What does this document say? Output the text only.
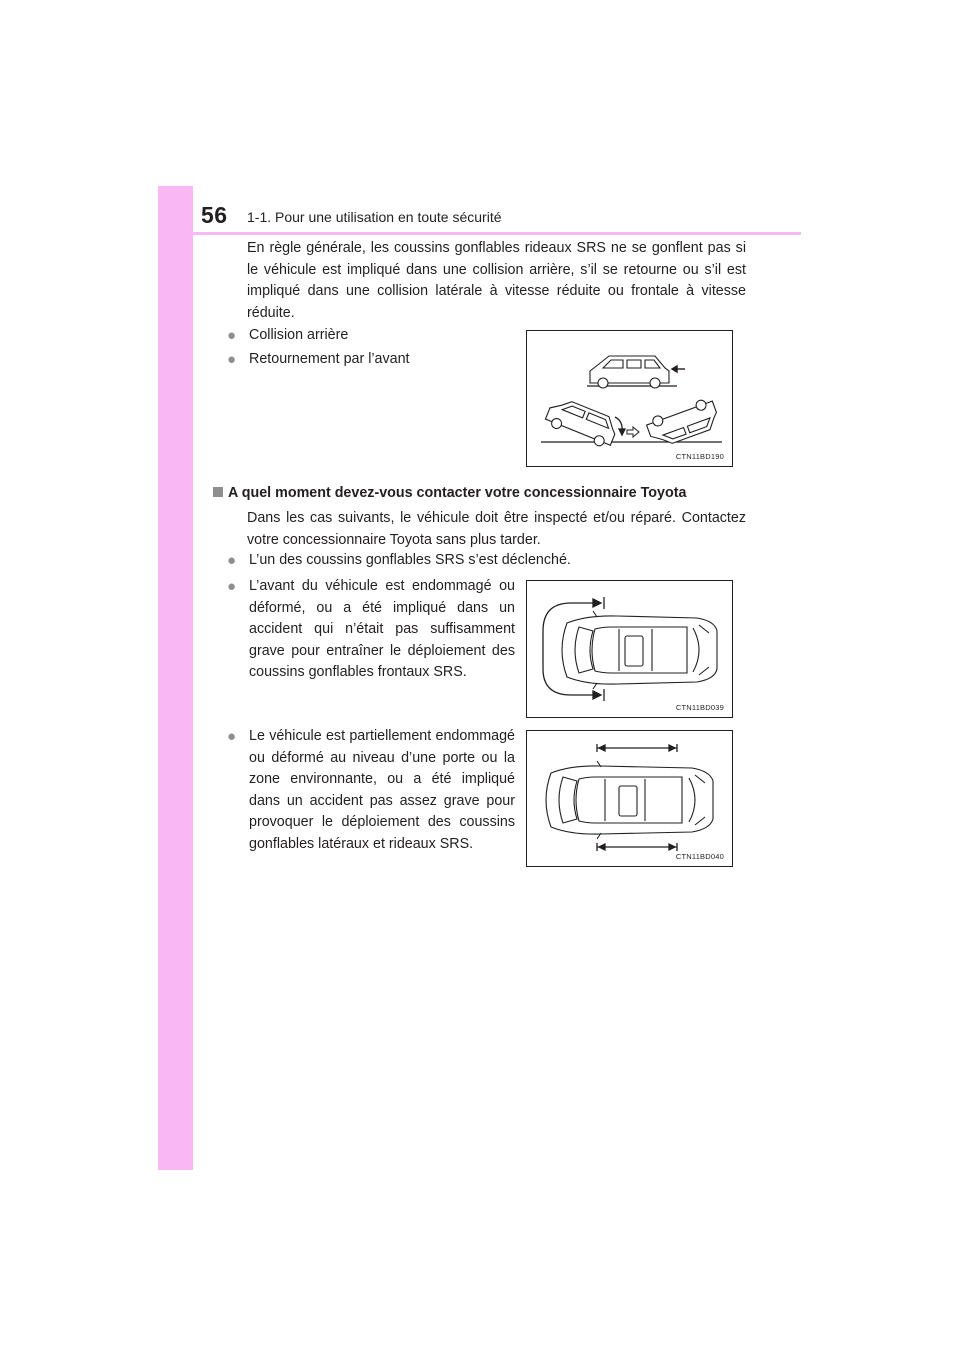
56 1-1. Pour une utilisation en toute sécurité

En règle générale, les coussins gonflables rideaux SRS ne se gonflent pas si le véhicule est impliqué dans une collision arrière, s’il se retourne ou s’il est impliqué dans une collision latérale à vitesse réduite ou frontale à vitesse réduite.

● Collision arrière
● Retournement par l’avant
CTN11BD190
A quel moment devez-vous contacter votre concessionnaire Toyota

Dans les cas suivants, le véhicule doit être inspecté et/ou réparé. Contactez votre concessionnaire Toyota sans plus tarder.

● L’un des coussins gonflables SRS s’est déclenché.
● L’avant du véhicule est endommagé ou déformé, ou a été impliqué dans un accident qui n’était pas suffisamment grave pour entraîner le déploiement des coussins gonflables frontaux SRS.
CTN11BD039
● Le véhicule est partiellement endommagé ou déformé au niveau d’une porte ou la zone environnante, ou a été impliqué dans un accident pas assez grave pour provoquer le déploiement des coussins gonflables latéraux et rideaux SRS.
CTN11BD040
